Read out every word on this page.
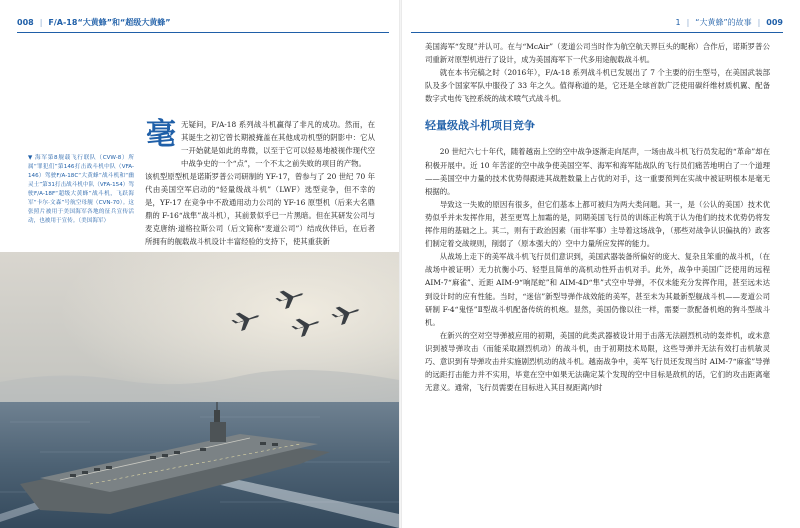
008 | F/A-18“大黄蜂”和“超级大黄蜂”	1 | “大黄蜂”的故事 | 009
毫 无疑问，F/A-18 系列战斗机赢得了非凡的成功。然而，在其诞生之初它曾长期被掩盖在其他成功机型的阴影中：它从一开始就是如此的卑微，以至于它可以轻易地被视作现代空中战争史的一个“点”，一个不太之前失败的项目的产物。

该机型原型机是诺斯罗普公司研制的 YF-17，曾参与了 20 世纪 70 年代由美国空军启动的“轻量级战斗机”（LWF）选型竞争，但不幸的是，YF-17 在竞争中不敌通用动力公司的 YF-16 原型机（后来大名鼎鼎的 F-16“战隼”战斗机），其前景似乎已一片黑暗。但在其研发公司与麦克唐纳·道格拉斯公司（后文简称“麦道公司”）结成伙伴后，在后者所拥有的舰载战斗机设计丰富经验的支持下，使其重获新

▼ 海军第8舰载飞行联队（CVW-8）所属“罪犯们”第146打击战斗机中队（VFA-146）驾驶F/A-18C“大黄蜂”战斗机和“幽灵士”第31打击战斗机中队（VFA-154）驾驶F/A-18F“超级大黄蜂”战斗机，飞跃海军“卡尔·文森”号航空母舰（CVN-70）。这张照片被用于美国海军各地的征兵宣传活动，也被用于宣传。（美国海军）

美国海军“发现”并认可。在与“McAir”（麦道公司当时作为航空航天界巨头的昵称）合作后，诺斯罗普公司重新对原型机进行了设计，成为美国海军下一代多用途舰载战斗机。

就在本书完稿之时（2016年），F/A-18 系列战斗机已发展出了 7 个主要的衍生型号，在美国武装部队及多个国家军队中服役了 33 年之久。值得称道的是，它还是全球首款广泛使用碳纤维材质机翼、配备数字式电传飞控系统的战术喷气式战斗机。

轻量级战斗机项目竞争

20 世纪六七十年代，随着越南上空的空中战争逐渐走向尾声，一场由战斗机飞行员发起的“革命”却在积极开展中。近 10 年苦涩的空中战争使美国空军、海军和海军陆战队的飞行员们痛苦地明白了一个道理——美国空中力量的技术优势得跟进其战胜数量上占优的对手，这一重要预判在实战中被证明根本是毫无根据的。

导致这一失败的原因有很多，但它们基本上都可被归为两大类问题。其一，是（公认的美国）技术优势似乎并未发挥作用，甚至更骂上加霜的是，同期美国飞行员的训练正构筑于认为他们的技术优势仍将发挥作用的基础之上。其二，则有于政治因素（而非军事）主导着这场战争，（那些对战争认识偏执的）政客们制定着交战规则，削弱了（原本强大的）空中力量所应发挥的能力。

从战场上走下的美军战斗机飞行员们意识到，美国武器装备所偏好的庞大、复杂且笨重的战斗机，（在战场中被证明）无力抗衡小巧、轻型且简单的高机动性歼击机对手。此外，战争中美国广泛使用的远程 AIM-7“麻雀”、近距 AIM-9“响尾蛇”和 AIM-4D“隼”式空中导弹，不仅未能充分发挥作用，甚至远未达到设计时的应有性能。当时，“迷信”新型导弹作战效能的美军，甚至未为其最新型舰战斗机——麦道公司研制 F-4“鬼怪”Ⅱ型战斗机配备传统的机炮。显然，美国仍像以往一样，需要一款配备机炮的狗斗型战斗机。

在新兴的空对空导弹被应用的初期，美国的此类武器被设计用于击落无法剧烈机动的轰炸机，或未意识到被导弹攻击（而能采取剧烈机动）的战斗机，由于初期技术局限，这些导弹并无法有效打击机敏灵巧、意识到有导弹攻击并实施剧烈机动的战斗机。越南战争中，美军飞行员还发现当时 AIM-7“麻雀”导弹的远距打击能力并不实用，毕竟在空中如果无法确定某个发现的空中目标是敌机的话，它们的攻击距离毫无意义。通常，飞行员需要在目标进入其目视距离内时
